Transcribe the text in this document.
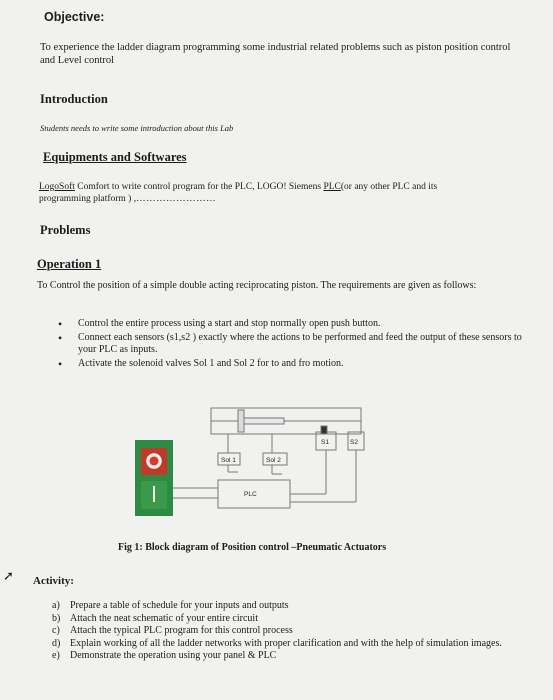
Objective:
To experience the ladder diagram programming some industrial related problems such as piston position control and Level control
Introduction
Students needs to write some introduction about this Lab
Equipments and Softwares
LogoSoft Comfort to write control program for the PLC, LOGO! Siemens PLC(or any other PLC and its
programming platform ) ,……………………
Problems
Operation 1
To Control the position of a simple double acting reciprocating piston. The requirements are given as follows:
• Control the entire process using a start and stop normally open push button.
• Connect each sensors (s1,s2 ) exactly where the actions to be performed and feed the output of these sensors to your PLC as inputs.
• Activate the solenoid valves Sol 1 and Sol 2 for to and fro motion.
S1	S2
Sol 1	Sol 2
PLC
Fig 1: Block diagram of Position control –Pneumatic Actuators
➚ Activity:
a) Prepare a table of schedule for your inputs and outputs
b) Attach the neat schematic of your entire circuit
c) Attach the typical PLC program for this control process
d) Explain working of all the ladder networks with proper clarification and with the help of simulation images.
e) Demonstrate the operation using your panel & PLC
